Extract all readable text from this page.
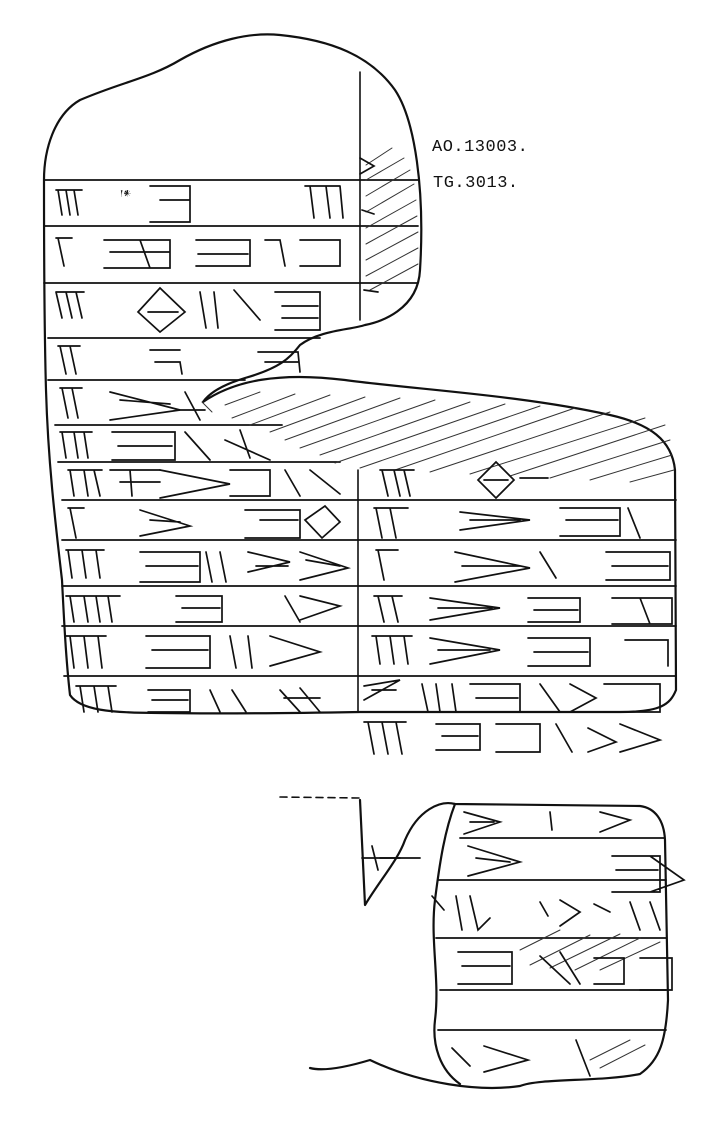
𒁹𒀭
AO.13003.
TG.3013.
